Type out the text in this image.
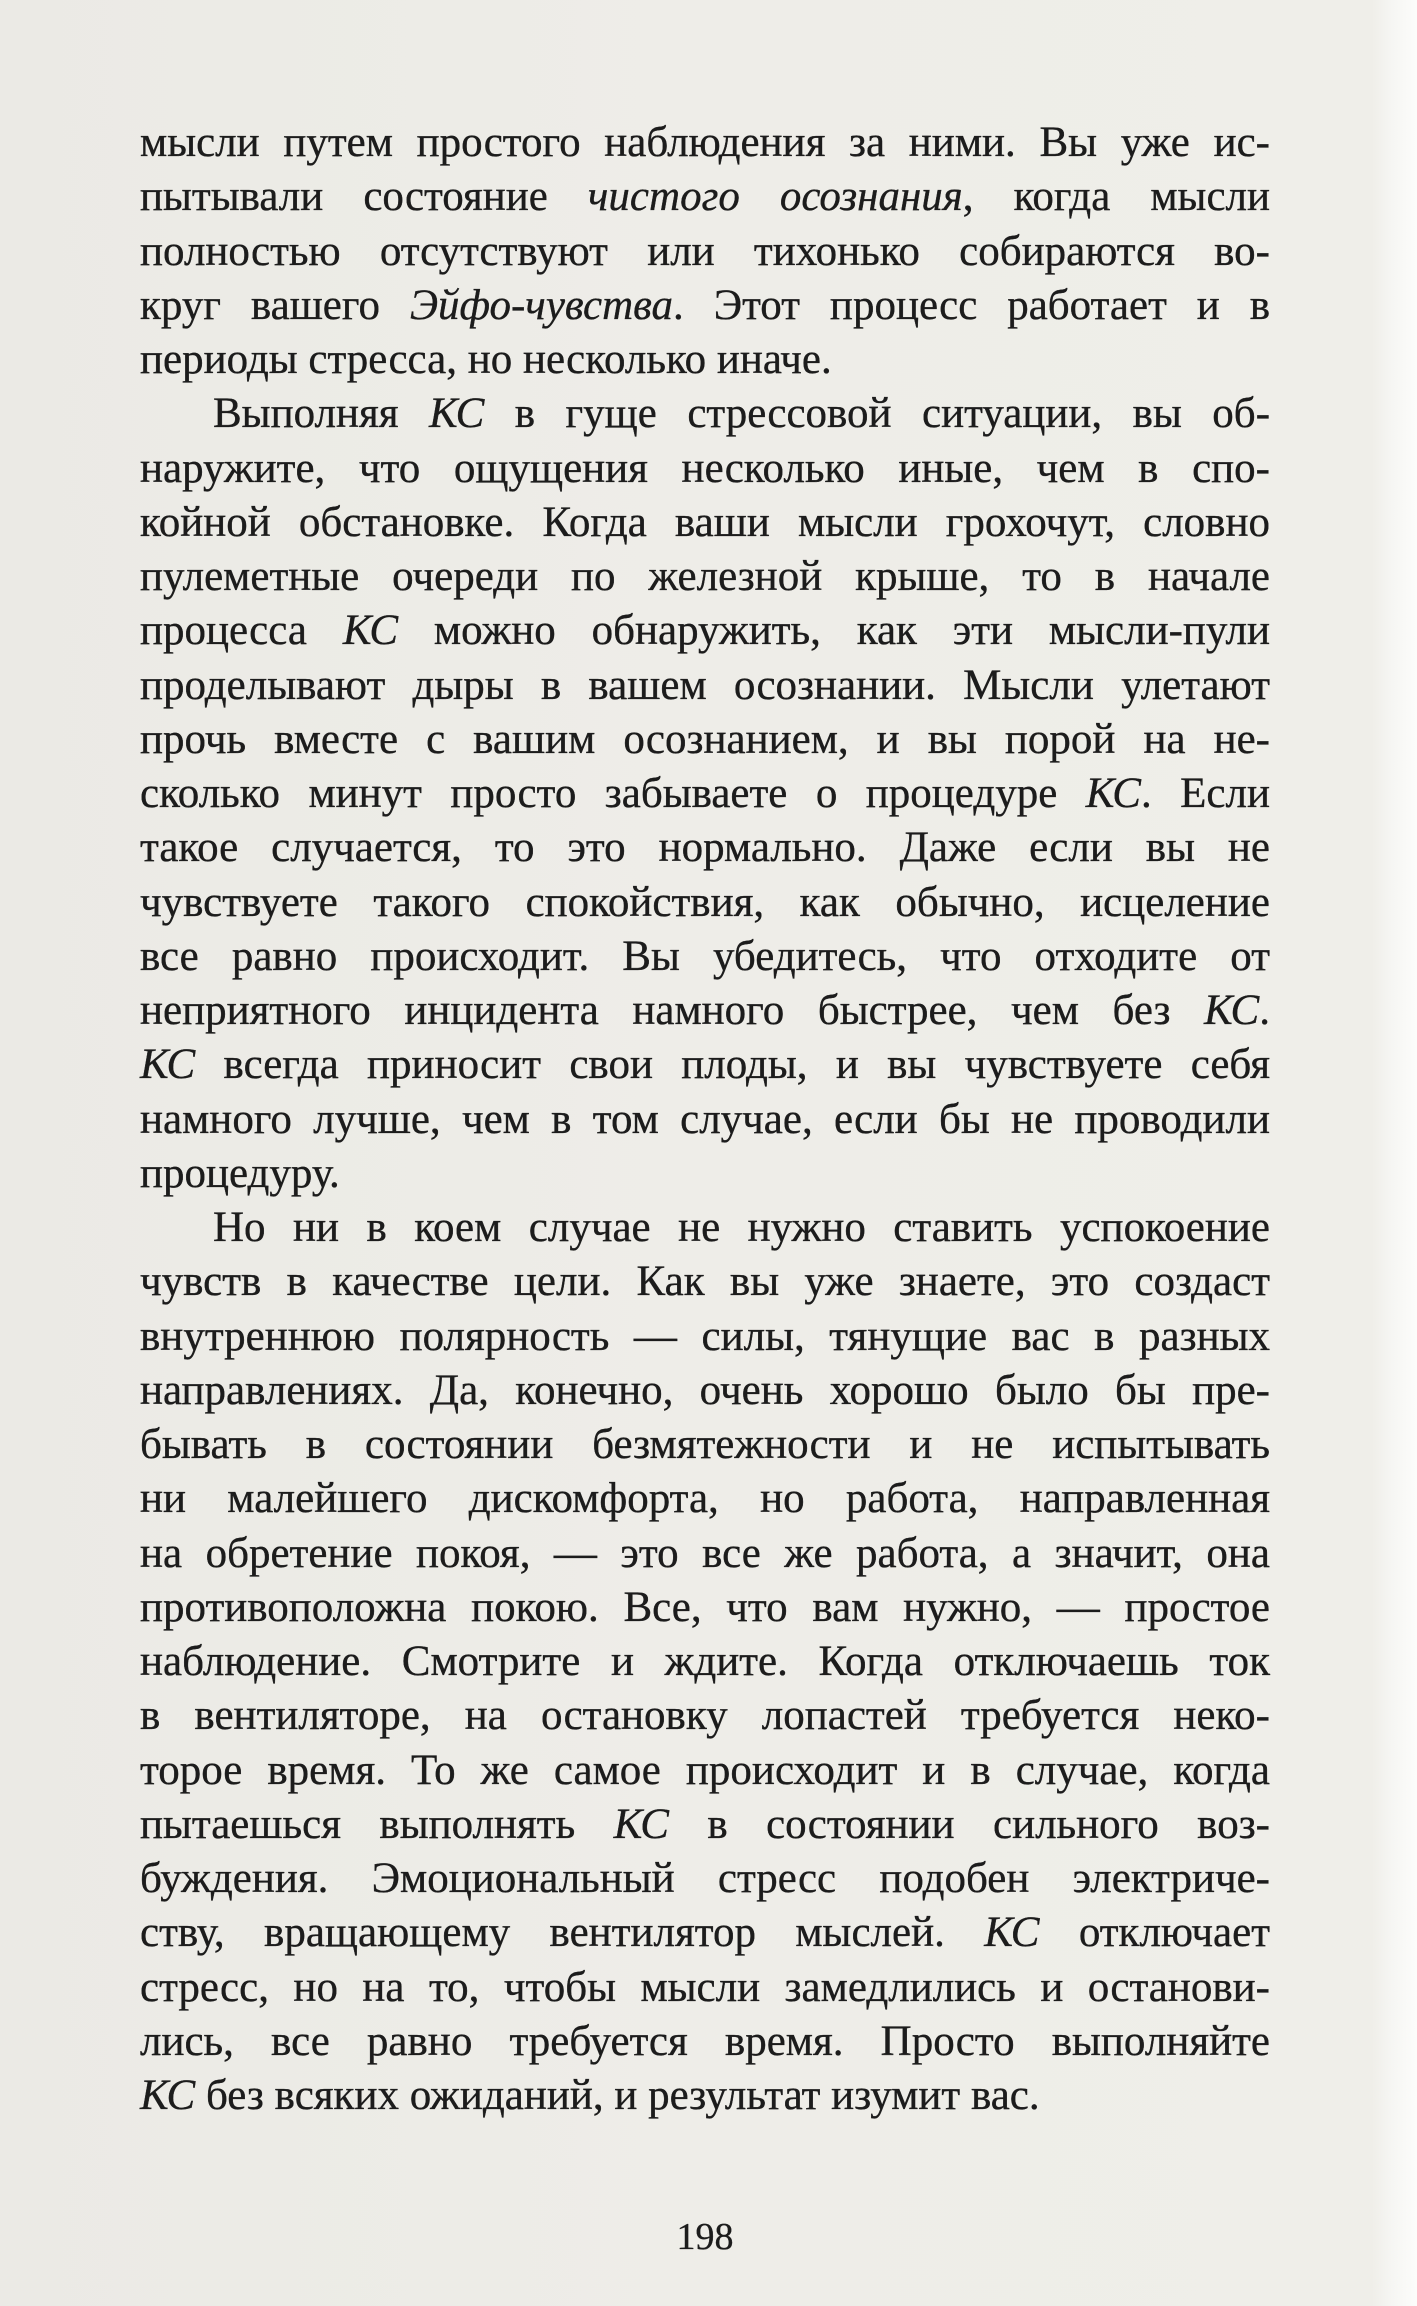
мысли путем простого наблюдения за ними. Вы уже ис-
пытывали состояние чистого осознания, когда мысли
полностью отсутствуют или тихонько собираются во-
круг вашего Эйфо-чувства. Этот процесс работает и в
периоды стресса, но несколько иначе.
Выполняя КС в гуще стрессовой ситуации, вы об-
наружите, что ощущения несколько иные, чем в спо-
койной обстановке. Когда ваши мысли грохочут, словно
пулеметные очереди по железной крыше, то в начале
процесса КС можно обнаружить, как эти мысли-пули
проделывают дыры в вашем осознании. Мысли улетают
прочь вместе с вашим осознанием, и вы порой на не-
сколько минут просто забываете о процедуре КС. Если
такое случается, то это нормально. Даже если вы не
чувствуете такого спокойствия, как обычно, исцеление
все равно происходит. Вы убедитесь, что отходите от
неприятного инцидента намного быстрее, чем без КС.
КС всегда приносит свои плоды, и вы чувствуете себя
намного лучше, чем в том случае, если бы не проводили
процедуру.
Но ни в коем случае не нужно ставить успокоение
чувств в качестве цели. Как вы уже знаете, это создаст
внутреннюю полярность — силы, тянущие вас в разных
направлениях. Да, конечно, очень хорошо было бы пре-
бывать в состоянии безмятежности и не испытывать
ни малейшего дискомфорта, но работа, направленная
на обретение покоя, — это все же работа, а значит, она
противоположна покою. Все, что вам нужно, — простое
наблюдение. Смотрите и ждите. Когда отключаешь ток
в вентиляторе, на остановку лопастей требуется неко-
торое время. То же самое происходит и в случае, когда
пытаешься выполнять КС в состоянии сильного воз-
буждения. Эмоциональный стресс подобен электриче-
ству, вращающему вентилятор мыслей. КС отключает
стресс, но на то, чтобы мысли замедлились и останови-
лись, все равно требуется время. Просто выполняйте
КС без всяких ожиданий, и результат изумит вас.
198
